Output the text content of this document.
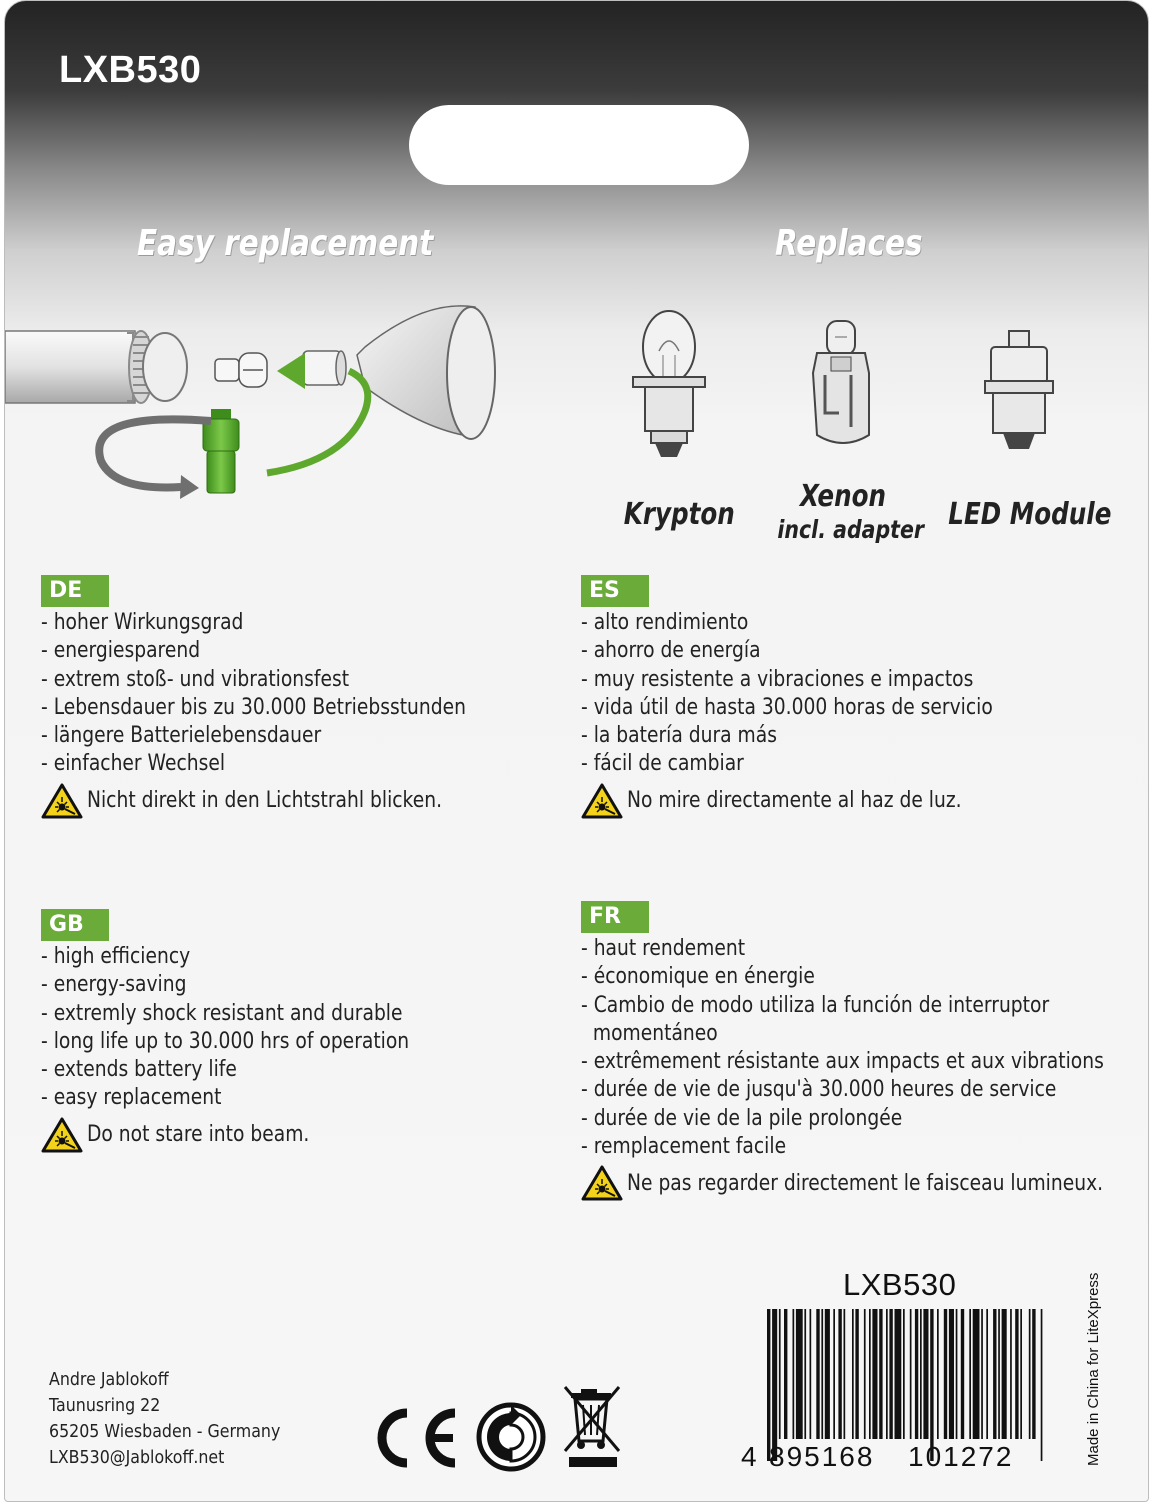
LXB530
Easy replacement	Replaces
Krypton
Xenon
incl. adapter LED Module
DE
- hoher Wirkungsgrad
- energiesparend
- extrem stoß- und vibrationsfest
- Lebensdauer bis zu 30.000 Betriebsstunden
- längere Batterielebensdauer
- einfacher Wechsel
Nicht direkt in den Lichtstrahl blicken.
ES
- alto rendimiento
- ahorro de energía
- muy resistente a vibraciones e impactos
- vida útil de hasta 30.000 horas de servicio
- la batería dura más
- fácil de cambiar
No mire directamente al haz de luz.
GB
- high efficiency
- energy-saving
- extremly shock resistant and durable
- long life up to 30.000 hrs of operation
- extends battery life
- easy replacement
Do not stare into beam.
FR
- haut rendement
- économique en énergie
- Cambio de modo utiliza la función de interruptor
momentáneo
- extrêmement résistante aux impacts et aux vibrations
- durée de vie de jusqu'à 30.000 heures de service
- durée de vie de la pile prolongée
- remplacement facile
Ne pas regarder directement le faisceau lumineux.
Andre Jablokoff
Taunusring 22
65205 Wiesbaden - Germany
LXB530@Jablokoff.net
LXB530
4 895168 101272	Made in China for LiteXpress
